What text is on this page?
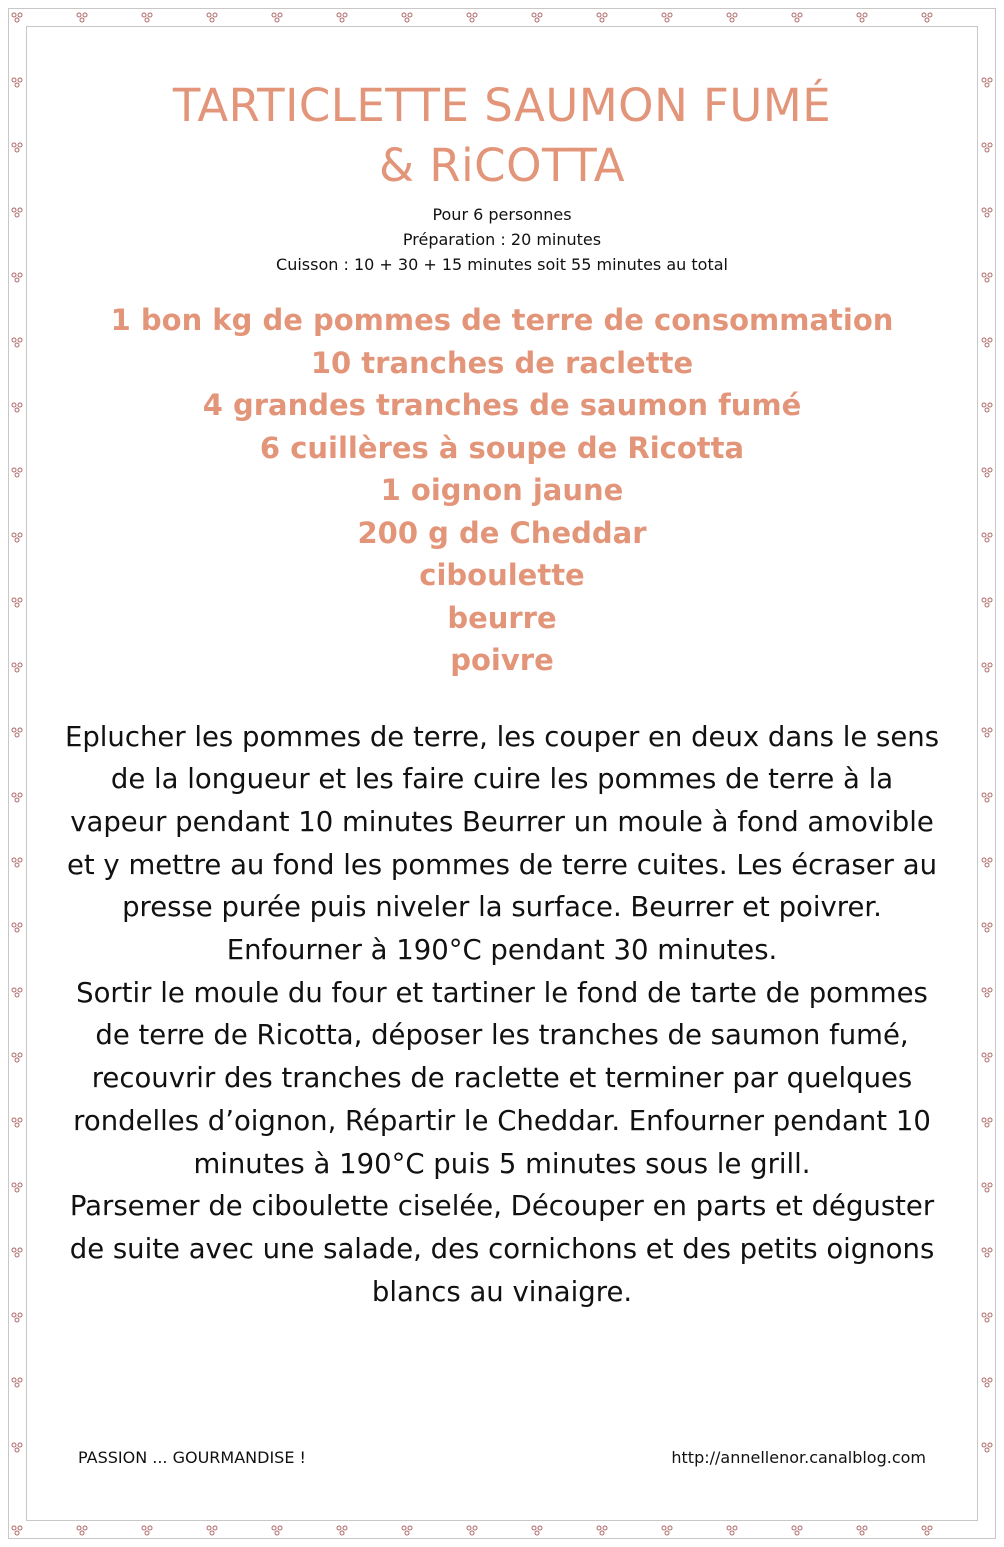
TARTICLETTE SAUMON FUMÉ
& RiCOTTA
Pour 6 personnes
Préparation : 20 minutes
Cuisson : 10 + 30 + 15 minutes soit 55 minutes au total
1 bon kg de pommes de terre de consommation
10 tranches de raclette
4 grandes tranches de saumon fumé
6 cuillères à soupe de Ricotta
1 oignon jaune
200 g de Cheddar
ciboulette
beurre
poivre

Eplucher les pommes de terre, les couper en deux dans le sens de la longueur et les faire cuire les pommes de terre à la vapeur pendant 10 minutes Beurrer un moule à fond amovible et y mettre au fond les pommes de terre cuites. Les écraser au presse purée puis niveler la surface. Beurrer et poivrer.

Enfourner à 190°C pendant 30 minutes.

Sortir le moule du four et tartiner le fond de tarte de pommes de terre de Ricotta, déposer les tranches de saumon fumé, recouvrir des tranches de raclette et terminer par quelques rondelles d’oignon, Répartir le Cheddar. Enfourner pendant 10 minutes à 190°C puis 5 minutes sous le grill.

Parsemer de ciboulette ciselée, Découper en parts et déguster de suite avec une salade, des cornichons et des petits oignons blancs au vinaigre.

PASSION ... GOURMANDISE !	http://annellenor.canalblog.com
